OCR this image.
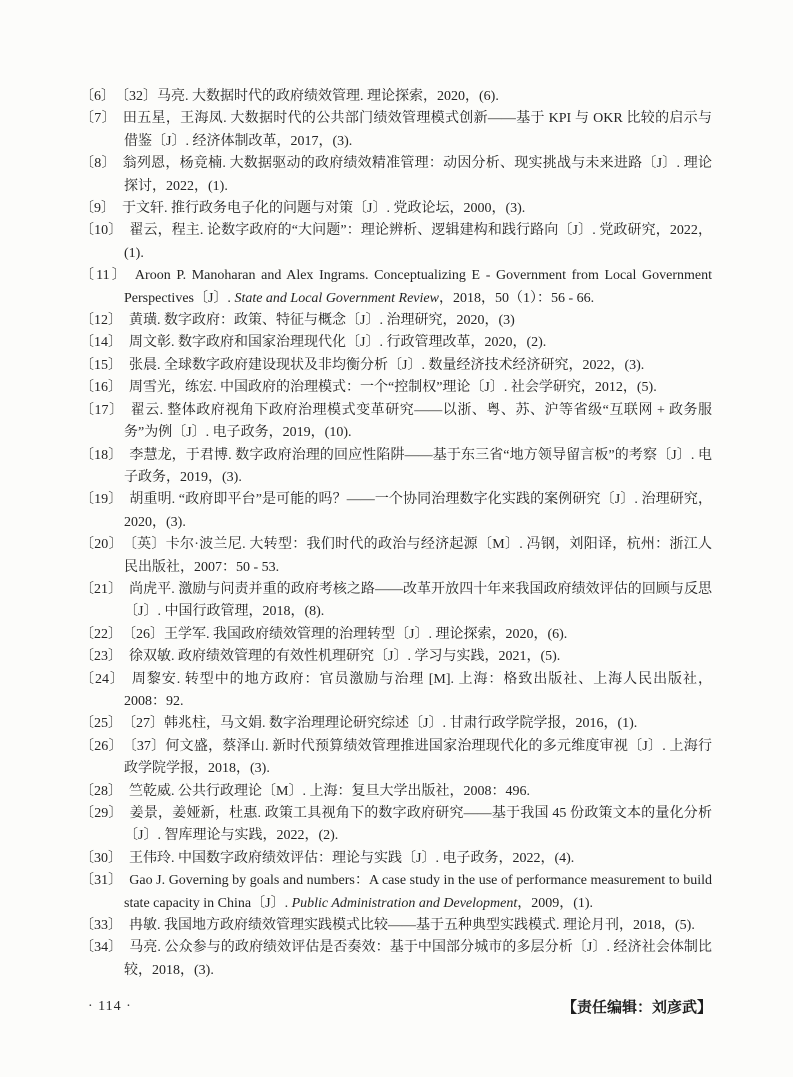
〔6〕 〔32〕马亮. 大数据时代的政府绩效管理. 理论探索，2020，(6).
〔7〕 田五星，王海凤. 大数据时代的公共部门绩效管理模式创新——基于 KPI 与 OKR 比较的启示与借鉴〔J〕. 经济体制改革，2017，(3).
〔8〕 翁列恩，杨竞楠. 大数据驱动的政府绩效精准管理：动因分析、现实挑战与未来进路〔J〕. 理论探讨，2022，(1).
〔9〕 于文轩. 推行政务电子化的问题与对策〔J〕. 党政论坛，2000，(3).
〔10〕 翟云，程主. 论数字政府的“大问题”：理论辨析、逻辑建构和践行路向〔J〕. 党政研究，2022，(1).
〔11〕 Aroon P. Manoharan and Alex Ingrams. Conceptualizing E - Government from Local Government Perspectives〔J〕. State and Local Government Review，2018，50（1）：56 - 66.
〔12〕 黄璜. 数字政府：政策、特征与概念〔J〕. 治理研究，2020，(3)
〔14〕 周文彰. 数字政府和国家治理现代化〔J〕. 行政管理改革，2020，(2).
〔15〕 张晨. 全球数字政府建设现状及非均衡分析〔J〕. 数量经济技术经济研究，2022，(3).
〔16〕 周雪光，练宏. 中国政府的治理模式：一个“控制权”理论〔J〕. 社会学研究，2012，(5).
〔17〕 翟云. 整体政府视角下政府治理模式变革研究——以浙、粤、苏、沪等省级“互联网 + 政务服务”为例〔J〕. 电子政务，2019，(10).
〔18〕 李慧龙，于君博. 数字政府治理的回应性陷阱——基于东三省“地方领导留言板”的考察〔J〕. 电子政务，2019，(3).
〔19〕 胡重明. “政府即平台”是可能的吗？——一个协同治理数字化实践的案例研究〔J〕. 治理研究，2020，(3).
〔20〕 〔英〕卡尔·波兰尼. 大转型：我们时代的政治与经济起源〔M〕. 冯钢，刘阳译，杭州：浙江人民出版社，2007：50 - 53.
〔21〕 尚虎平. 激励与问责并重的政府考核之路——改革开放四十年来我国政府绩效评估的回顾与反思〔J〕. 中国行政管理，2018，(8).
〔22〕 〔26〕王学军. 我国政府绩效管理的治理转型〔J〕. 理论探索，2020，(6).
〔23〕 徐双敏. 政府绩效管理的有效性机理研究〔J〕. 学习与实践，2021，(5).
〔24〕 周黎安. 转型中的地方政府：官员激励与治理 [M]. 上海：格致出版社、上海人民出版社，2008：92.
〔25〕 〔27〕韩兆柱，马文娟. 数字治理理论研究综述〔J〕. 甘肃行政学院学报，2016，(1).
〔26〕 〔37〕何文盛，蔡泽山. 新时代预算绩效管理推进国家治理现代化的多元维度审视〔J〕. 上海行政学院学报，2018，(3).
〔28〕 竺乾威. 公共行政理论〔M〕. 上海：复旦大学出版社，2008：496.
〔29〕 姜景，姜娅新，杜惠. 政策工具视角下的数字政府研究——基于我国 45 份政策文本的量化分析〔J〕. 智库理论与实践，2022，(2).
〔30〕 王伟玲. 中国数字政府绩效评估：理论与实践〔J〕. 电子政务，2022，(4).
〔31〕 Gao J. Governing by goals and numbers：A case study in the use of performance measurement to build state capacity in China〔J〕. Public Administration and Development，2009，(1).
〔33〕 冉敏. 我国地方政府绩效管理实践模式比较——基于五种典型实践模式. 理论月刊，2018，(5).
〔34〕 马亮. 公众参与的政府绩效评估是否奏效：基于中国部分城市的多层分析〔J〕. 经济社会体制比较，2018，(3).
【责任编辑：刘彦武】
· 114 ·
